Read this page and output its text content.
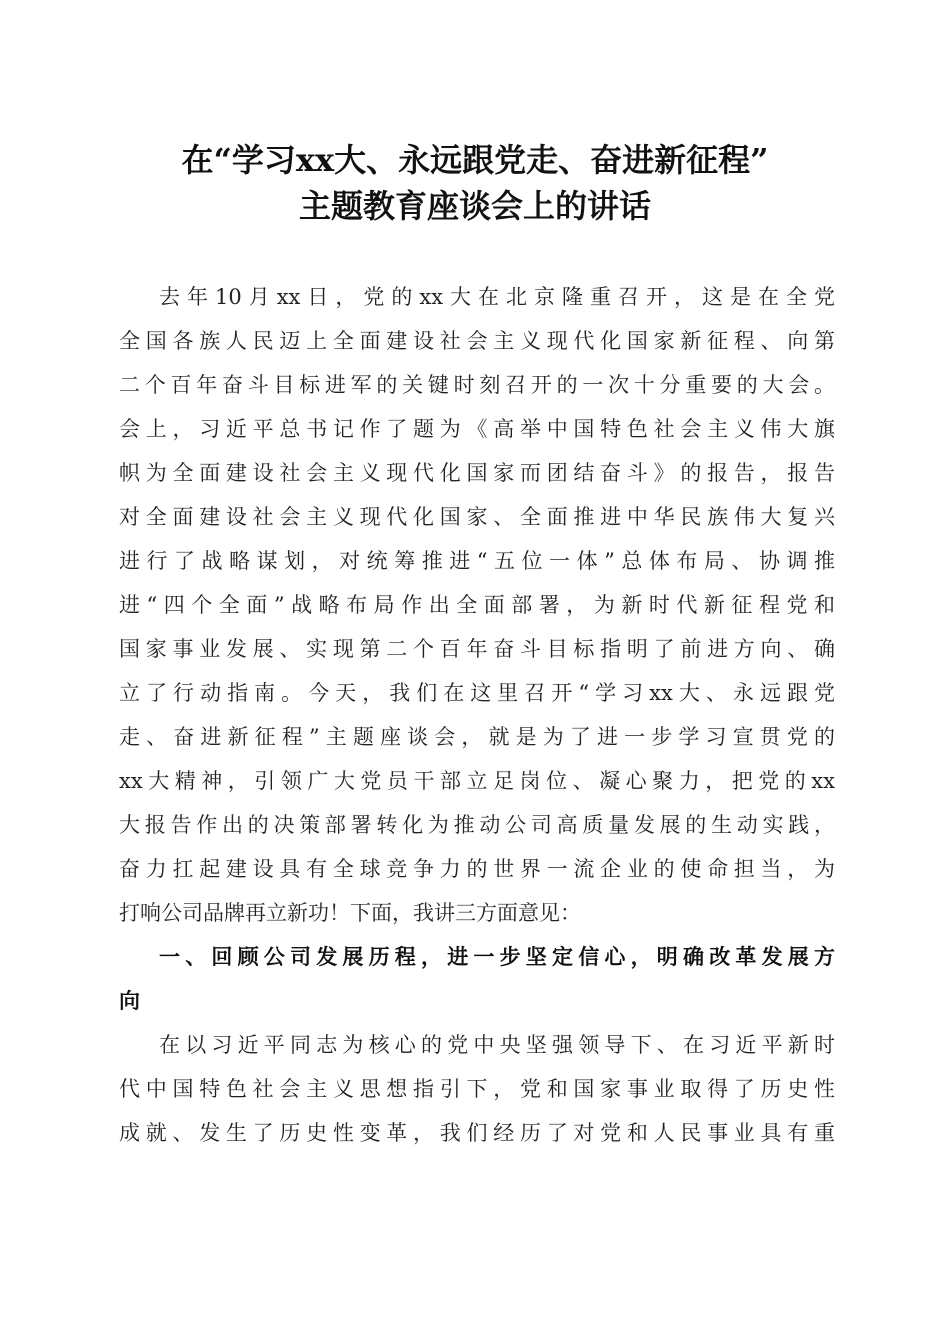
在“学习xx大、永远跟党走、奋进新征程”
主题教育座谈会上的讲话
去年10月xx日，党的xx大在北京隆重召开，这是在全党
全国各族人民迈上全面建设社会主义现代化国家新征程、向第
二个百年奋斗目标进军的关键时刻召开的一次十分重要的大会。
会上，习近平总书记作了题为《高举中国特色社会主义伟大旗
帜为全面建设社会主义现代化国家而团结奋斗》的报告，报告
对全面建设社会主义现代化国家、全面推进中华民族伟大复兴
进行了战略谋划，对统筹推进“五位一体”总体布局、协调推
进“四个全面”战略布局作出全面部署，为新时代新征程党和
国家事业发展、实现第二个百年奋斗目标指明了前进方向、确
立了行动指南。今天，我们在这里召开“学习xx大、永远跟党
走、奋进新征程”主题座谈会，就是为了进一步学习宣贯党的
xx大精神，引领广大党员干部立足岗位、凝心聚力，把党的xx
大报告作出的决策部署转化为推动公司高质量发展的生动实践，
奋力扛起建设具有全球竞争力的世界一流企业的使命担当，为
打响公司品牌再立新功！下面，我讲三方面意见：
一、回顾公司发展历程，进一步坚定信心，明确改革发展方
向
在以习近平同志为核心的党中央坚强领导下、在习近平新时
代中国特色社会主义思想指引下，党和国家事业取得了历史性
成就、发生了历史性变革，我们经历了对党和人民事业具有重
